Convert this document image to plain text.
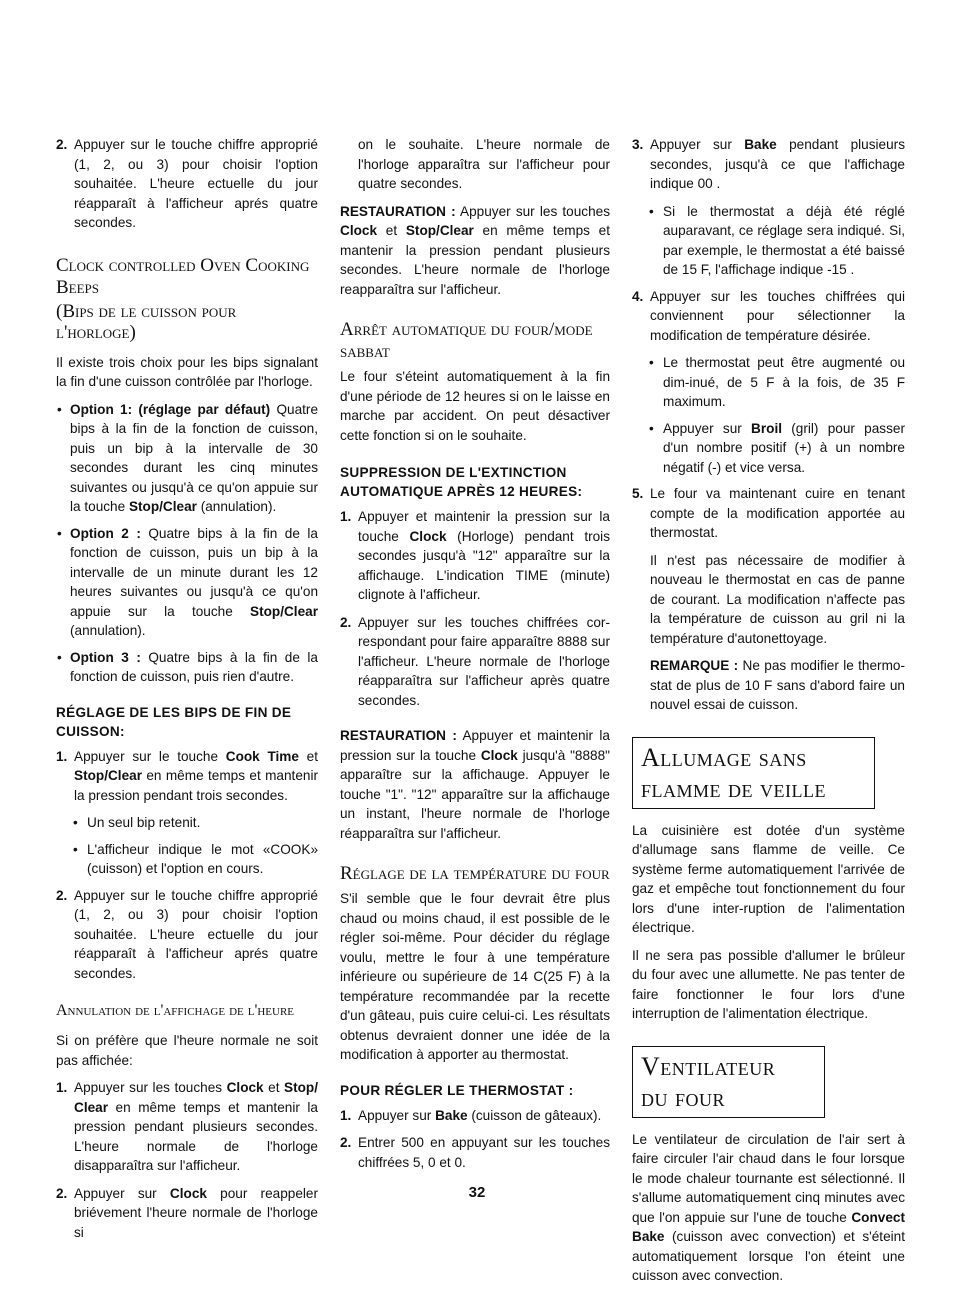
2. Appuyer sur le touche chiffre approprié (1, 2, ou 3) pour choisir l'option souhaitée. L'heure ectuelle du jour réapparaît à l'afficheur aprés quatre secondes.
Clock controlled Oven Cooking Beeps
(Bips de le cuisson pour l'horloge)

Il existe trois choix pour les bips signalant la fin d'une cuisson contrôlée par l'horloge.

• Option 1: (réglage par défaut) Quatre bips à la fin de la fonction de cuisson, puis un bip à la intervalle de 30 secondes durant les cinq minutes suivantes ou jusqu'à ce qu'on appuie sur la touche Stop/Clear (annulation).
• Option 2 : Quatre bips à la fin de la fonction de cuisson, puis un bip à la intervalle de un minute durant les 12 heures suivantes ou jusqu'à ce qu'on appuie sur la touche Stop/Clear (annulation).
• Option 3 : Quatre bips à la fin de la fonction de cuisson, puis rien d'autre.
RÉGLAGE DE LES BIPS DE FIN DE CUISSON:
1. Appuyer sur le touche Cook Time et Stop/Clear en même temps et mantenir la pression pendant trois secondes.
• Un seul bip retenit.
• L'afficheur indique le mot «COOK» (cuisson) et l'option en cours.
2. Appuyer sur le touche chiffre approprié (1, 2, ou 3) pour choisir l'option souhaitée. L'heure ectuelle du jour réapparaît à l'afficheur aprés quatre secondes.
Annulation de l'affichage de l'heure

Si on préfère que l'heure normale ne soit pas affichée:

1. Appuyer sur les touches Clock et Stop/ Clear en même temps et mantenir la pression pendant plusieurs secondes. L'heure normale de l'horloge disapparaîtra sur l'afficheur.
2. Appuyer sur Clock pour reappeler briévement l'heure normale de l'horloge si

on le souhaite. L'heure normale de l'horloge apparaîtra sur l'afficheur pour quatre secondes.

RESTAURATION : Appuyer sur les touches Clock et Stop/Clear en même temps et mantenir la pression pendant plusieurs secondes. L'heure normale de l'horloge reapparaîtra sur l'afficheur.

Arrêt automatique du four/mode sabbat

Le four s'éteint automatiquement à la fin d'une période de 12 heures si on le laisse en marche par accident. On peut désactiver cette fonction si on le souhaite.

SUPPRESSION DE L'EXTINCTION AUTOMATIQUE APRÈS 12 HEURES:
1. Appuyer et maintenir la pression sur la touche Clock (Horloge) pendant trois secondes jusqu'à "12" apparaître sur la affichauge. L'indication TIME (minute) clignote à l'afficheur.
2. Appuyer sur les touches chiffrées cor-respondant pour faire apparaître 8888 sur l'afficheur. L'heure normale de l'horloge réapparaîtra sur l'afficheur après quatre secondes.

RESTAURATION : Appuyer et maintenir la pression sur la touche Clock jusqu'à "8888" apparaître sur la affichauge. Appuyer le touche "1". "12" apparaître sur la affichauge un instant, l'heure normale de l'horloge réapparaîtra sur l'afficheur.

Réglage de la température du four

S'il semble que le four devrait être plus chaud ou moins chaud, il est possible de le régler soi-même. Pour décider du réglage voulu, mettre le four à une température inférieure ou supérieure de 14 C(25 F) à la température recommandée par la recette d'un gâteau, puis cuire celui-ci. Les résultats obtenus devraient donner une idée de la modification à apporter au thermostat.

POUR RÉGLER LE THERMOSTAT :
1. Appuyer sur Bake (cuisson de gâteaux).
2. Entrer 500 en appuyant sur les touches chiffrées 5, 0 et 0.
3. Appuyer sur Bake pendant plusieurs secondes, jusqu'à ce que l'affichage indique 00 .
• Si le thermostat a déjà été réglé auparavant, ce réglage sera indiqué. Si, par exemple, le thermostat a été baissé de 15 F, l'affichage indique -15 .
4. Appuyer sur les touches chiffrées qui conviennent pour sélectionner la modification de température désirée.
• Le thermostat peut être augmenté ou dim-inué, de 5 F à la fois, de 35 F maximum.
• Appuyer sur Broil (gril) pour passer d'un nombre positif (+) à un nombre négatif (-) et vice versa.
5. Le four va maintenant cuire en tenant compte de la modification apportée au thermostat.

Il n'est pas nécessaire de modifier à nouveau le thermostat en cas de panne de courant. La modification n'affecte pas la température de cuisson au gril ni la température d'autonettoyage.

REMARQUE : Ne pas modifier le thermo-stat de plus de 10 F sans d'abord faire un nouvel essai de cuisson.

Allumage sans
flamme de veille

La cuisinière est dotée d'un système d'allumage sans flamme de veille. Ce système ferme automatiquement l'arrivée de gaz et empêche tout fonctionnement du four lors d'une inter-ruption de l'alimentation électrique.

Il ne sera pas possible d'allumer le brûleur du four avec une allumette. Ne pas tenter de faire fonctionner le four lors d'une interruption de l'alimentation électrique.

Ventilateur
du four

Le ventilateur de circulation de l'air sert à faire circuler l'air chaud dans le four lorsque le mode chaleur tournante est sélectionné. Il s'allume automatiquement cinq minutes avec que l'on appuie sur l'une de touche Convect Bake (cuisson avec convection) et s'éteint automatiquement lorsque l'on éteint une cuisson avec convection.

32
